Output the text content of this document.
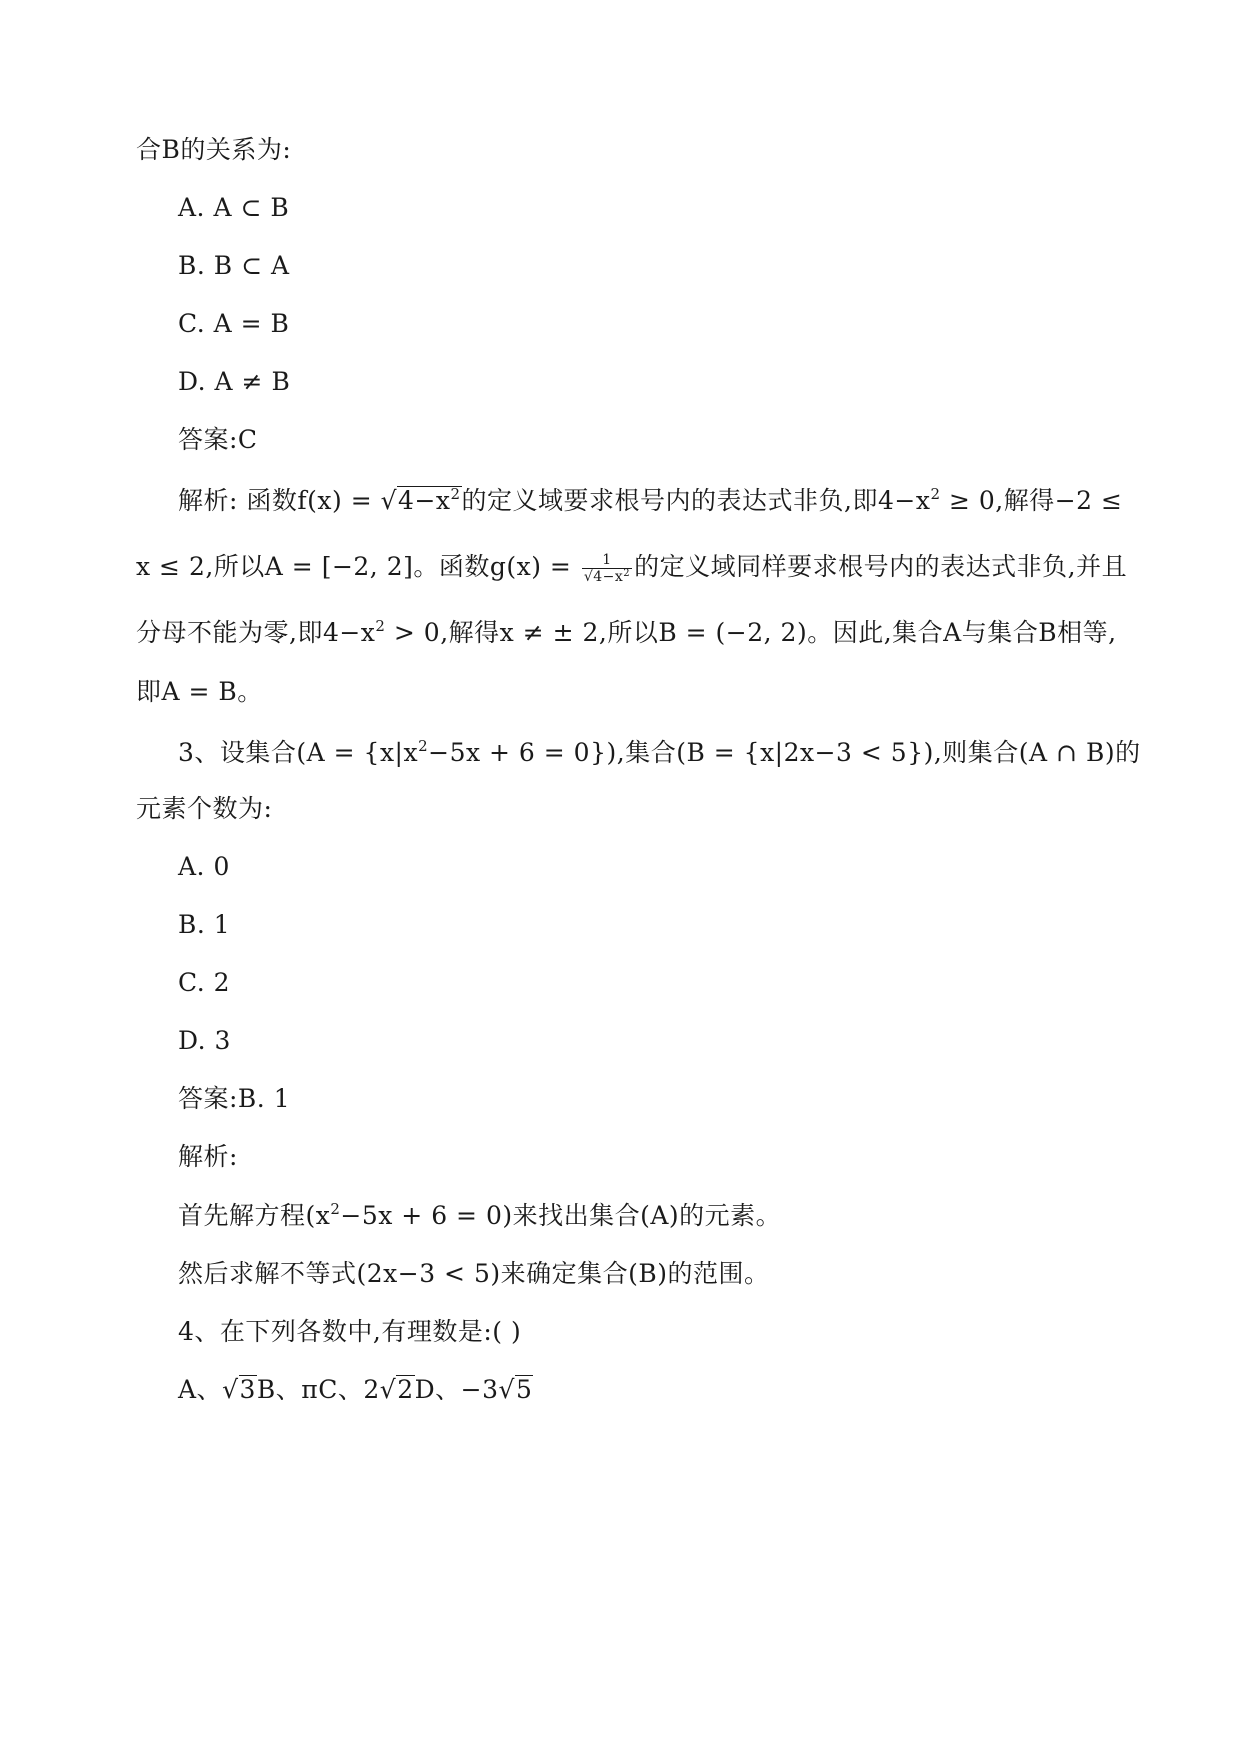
合B的关系为:
A. A ⊂ B
B. B ⊂ A
C. A = B
D. A ≠ B
答案:C
解析: 函数$f(x) = √4-x^2$的定义域要求根号内的表达式非负,即$4-x^2 \ge 0$,解得−2 ≤
x ≤ 2,所以A = [−2, 2]。函数$g(x) = \frac{1}{√4-x^2}$ 的定义域同样要求根号内的表达式非负,并且
分母不能为零,即$4-x^2 > 0$,解得x ≠ ± 2,所以B = (−2, 2)。因此,集合A与集合B相等,
即A = B。
3、设集合$(A = \{x|x^2-5x + 6 = 0\})$,集合(B = {x|2x−3 < 5}),则集合(A ∩ B)的
元素个数为:
A. 0
B. 1
C. 2
D. 3
答案:B. 1
解析:
首先解方程$(x^2-5x + 6 = 0)$来找出集合(A)的元素。
然后求解不等式(2x−3 < 5)来确定集合(B)的范围。
4、在下列各数中,有理数是:( )
A、√3B、πC、2√2D、−3√5
